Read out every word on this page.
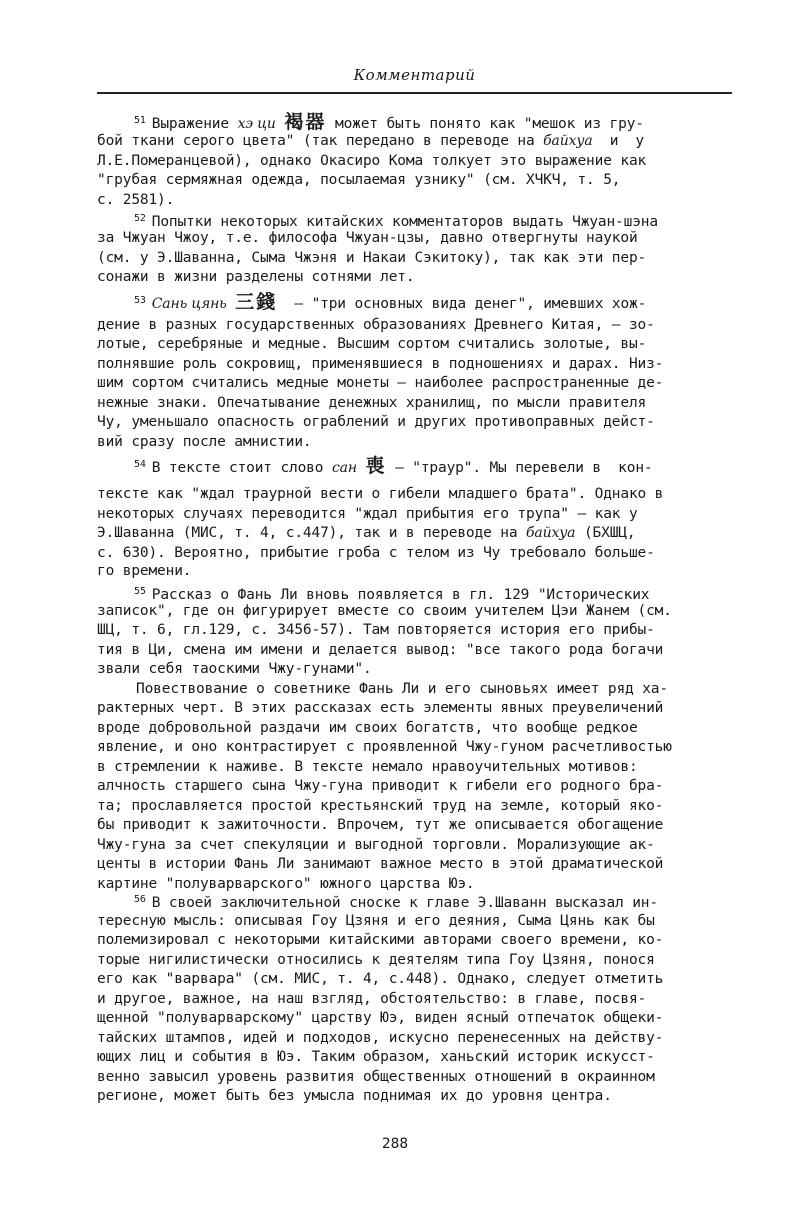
Комментарий
$^{51}$ Выражение хэ ци 褐器 может быть понято как "мешок из гру-
бой ткани серого цвета" (так передано в переводе на байхуа  и  у
Л.Е.Померанцевой), однако Окасиро Кома толкует это выражение как
"грубая сермяжная одежда, посылаемая узнику" (см. ХЧКЧ, т. 5,
с. 2581).
$^{52}$ Попытки некоторых китайских комментаторов выдать Чжуан-шэна
за Чжуан Чжоу, т.е. философа Чжуан-цзы, давно отвергнуты наукой
(см. у Э.Шаванна, Сыма Чжэня и Накаи Сэкитоку), так как эти пер-
сонажи в жизни разделены сотнями лет.
$^{53}$ Сань цянь 三錢  — "три основных вида денег", имевших хож-
дение в разных государственных образованиях Древнего Китая, — зо-
лотые, серебряные и медные. Высшим сортом считались золотые, вы-
полнявшие роль сокровищ, применявшиеся в подношениях и дарах. Низ-
шим сортом считались медные монеты — наиболее распространенные де-
нежные знаки. Опечатывание денежных хранилищ, по мысли правителя
Чу, уменьшало опасность ограблений и других противоправных дейст-
вий сразу после амнистии.
$^{54}$ В тексте стоит слово сан 喪 — "траур". Мы перевели в  кон-
тексте как "ждал траурной вести о гибели младшего брата". Однако в
некоторых случаях переводится "ждал прибытия его трупа" — как у
Э.Шаванна (МИС, т. 4, с.447), так и в переводе на байхуа (БХШЦ,
с. 630). Вероятно, прибытие гроба с телом из Чу требовало больше-
го времени.
$^{55}$ Рассказ о Фань Ли вновь появляется в гл. 129 "Исторических
записок", где он фигурирует вместе со своим учителем Цэи Жанем (см.
ШЦ, т. 6, гл.129, с. 3456-57). Там повторяется история его прибы-
тия в Ци, смена им имени и делается вывод: "все такого рода богачи
звали себя таоскими Чжу-гунами".
Повествование о советнике Фань Ли и его сыновьях имеет ряд ха-
рактерных черт. В этих рассказах есть элементы явных преувеличений
вроде добровольной раздачи им своих богатств, что вообще редкое
явление, и оно контрастирует с проявленной Чжу-гуном расчетливостью
в стремлении к наживе. В тексте немало нравоучительных мотивов:
алчность старшего сына Чжу-гуна приводит к гибели его родного бра-
та; прославляется простой крестьянский труд на земле, который яко-
бы приводит к зажиточности. Впрочем, тут же описывается обогащение
Чжу-гуна за счет спекуляции и выгодной торговли. Морализующие ак-
центы в истории Фань Ли занимают важное место в этой драматической
картине "полуварварского" южного царства Юэ.
$^{56}$ В своей заключительной сноске к главе Э.Шаванн высказал ин-
тересную мысль: описывая Гоу Цзяня и его деяния, Сыма Цянь как бы
полемизировал с некоторыми китайскими авторами своего времени, ко-
торые нигилистически относились к деятелям типа Гоу Цзяня, понося
его как "варвара" (см. МИС, т. 4, с.448). Однако, следует отметить
и другое, важное, на наш взгляд, обстоятельство: в главе, посвя-
щенной "полуварварскому" царству Юэ, виден ясный отпечаток общеки-
тайских штампов, идей и подходов, искусно перенесенных на действу-
ющих лиц и события в Юэ. Таким образом, ханьский историк искусст-
венно завысил уровень развития общественных отношений в окраинном
регионе, может быть без умысла поднимая их до уровня центра.
288
